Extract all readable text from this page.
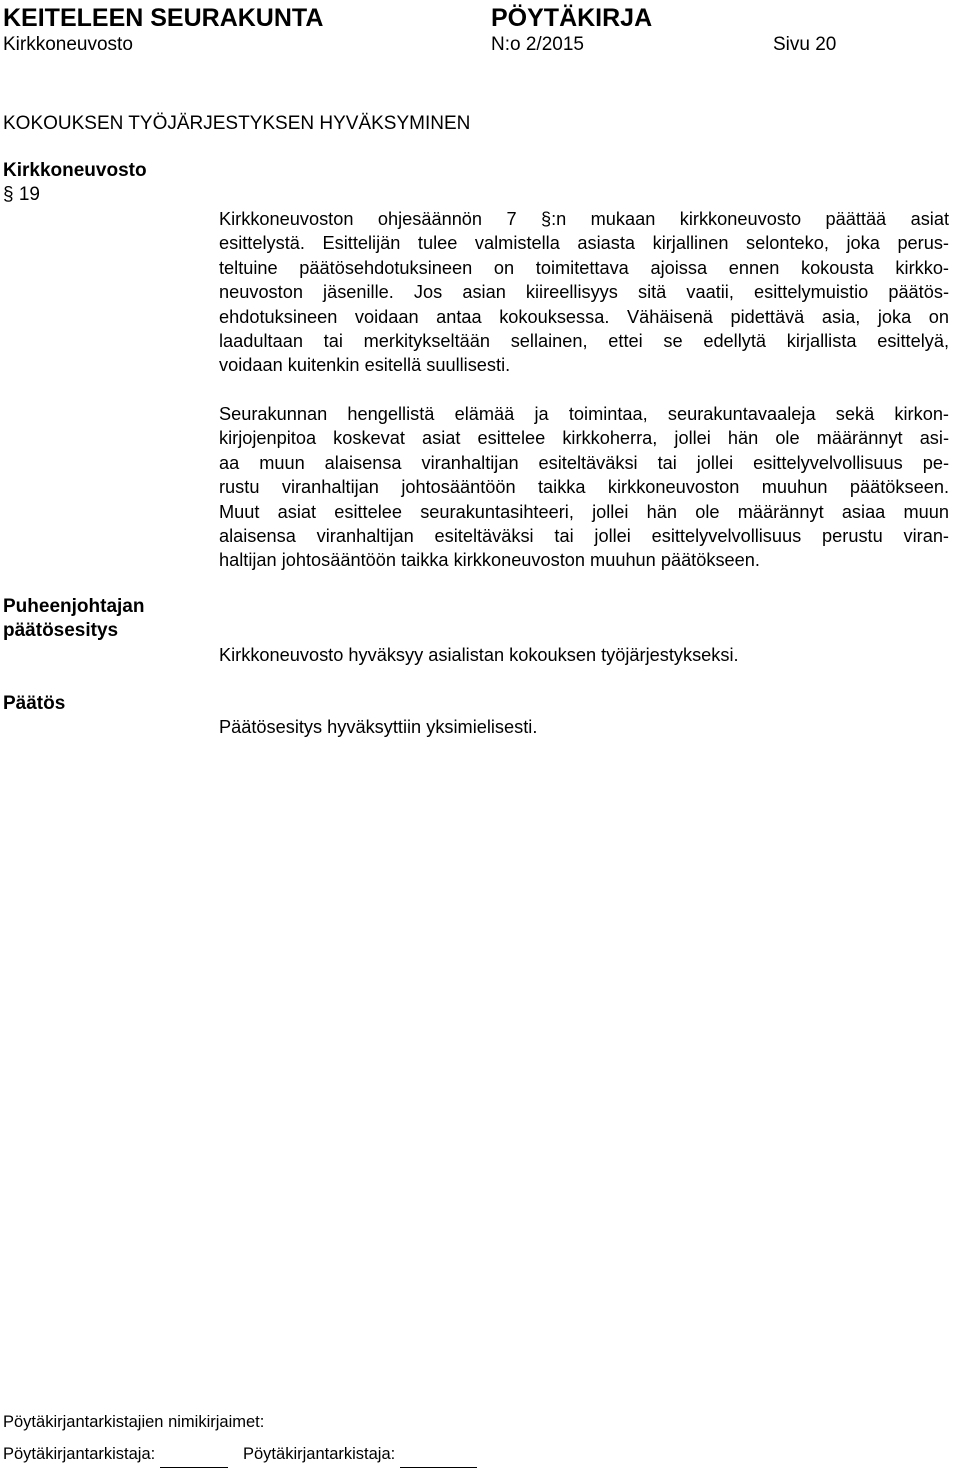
KEITELEEN SEURAKUNTA	PÖYTÄKIRJA
Kirkkoneuvosto	N:o 2/2015	Sivu 20
KOKOUKSEN TYÖJÄRJESTYKSEN HYVÄKSYMINEN
Kirkkoneuvosto
§ 19
Kirkkoneuvoston ohjesäännön 7 §:n mukaan kirkkoneuvosto päättää asiat
esittelystä. Esittelijän tulee valmistella asiasta kirjallinen selonteko, joka perus-
teltuine päätösehdotuksineen on toimitettava ajoissa ennen kokousta kirkko-
neuvoston jäsenille. Jos asian kiireellisyys sitä vaatii, esittelymuistio päätös-
ehdotuksineen voidaan antaa kokouksessa. Vähäisenä pidettävä asia, joka on
laadultaan tai merkitykseltään sellainen, ettei se edellytä kirjallista esittelyä,
voidaan kuitenkin esitellä suullisesti.
Seurakunnan hengellistä elämää ja toimintaa, seurakuntavaaleja sekä kirkon-
kirjojenpitoa koskevat asiat esittelee kirkkoherra, jollei hän ole määrännyt asi-
aa muun alaisensa viranhaltijan esiteltäväksi tai jollei esittelyvelvollisuus pe-
rustu viranhaltijan johtosääntöön taikka kirkkoneuvoston muuhun päätökseen.
Muut asiat esittelee seurakuntasihteeri, jollei hän ole määrännyt asiaa muun
alaisensa viranhaltijan esiteltäväksi tai jollei esittelyvelvollisuus perustu viran-
haltijan johtosääntöön taikka kirkkoneuvoston muuhun päätökseen.
Puheenjohtajan
päätösesitys
Kirkkoneuvosto hyväksyy asialistan kokouksen työjärjestykseksi.
Päätös
Päätösesitys hyväksyttiin yksimielisesti.
Pöytäkirjantarkistajien nimikirjaimet:
Pöytäkirjantarkistaja:	Pöytäkirjantarkistaja:
